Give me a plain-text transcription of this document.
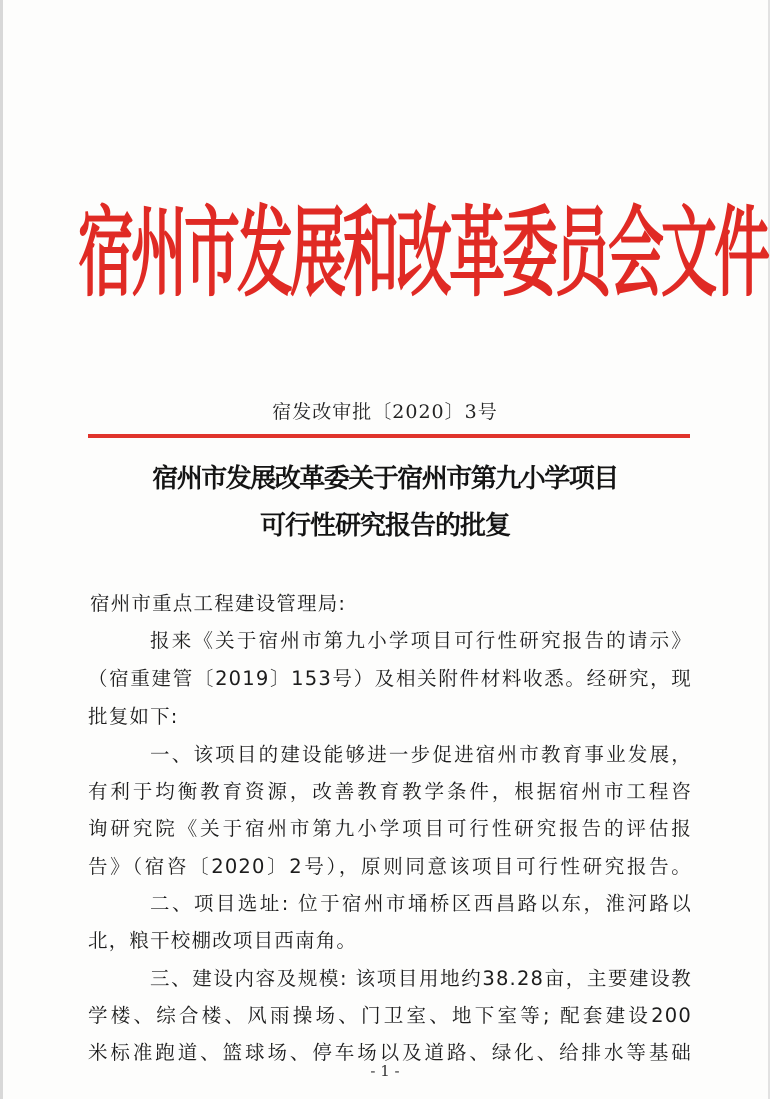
宿州市发展和改革委员会文件
宿发改审批〔2020〕3号
宿州市发展改革委关于宿州市第九小学项目
可行性研究报告的批复
宿州市重点工程建设管理局:
报来《关于宿州市第九小学项目可行性研究报告的请示》
（宿重建管〔2019〕153号）及相关附件材料收悉。经研究，现
批复如下:
一、该项目的建设能够进一步促进宿州市教育事业发展，
有利于均衡教育资源，改善教育教学条件，根据宿州市工程咨
询研究院《关于宿州市第九小学项目可行性研究报告的评估报
告》（宿咨〔2020〕2号），原则同意该项目可行性研究报告。
二、项目选址: 位于宿州市埇桥区西昌路以东，淮河路以
北，粮干校棚改项目西南角。
三、建设内容及规模: 该项目用地约38.28亩，主要建设教
学楼、综合楼、风雨操场、门卫室、地下室等; 配套建设200
米标准跑道、篮球场、停车场以及道路、绿化、给排水等基础
- 1 -
